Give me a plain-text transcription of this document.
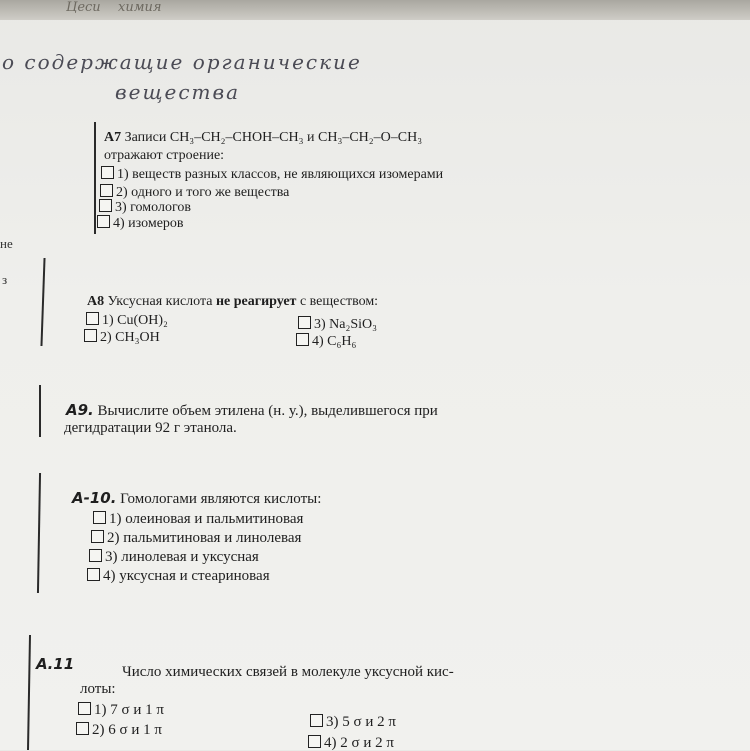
Цеси химия
о содержащие органические
вещества
не
з
А7 Записи CH₃–CH₂–CHOH–CH₃ и CH₃–CH₂–O–CH₃
отражают строение:
1) веществ разных классов, не являющихся изомерами
2) одного и того же вещества
3) гомологов
4) изомеров
А8 Уксусная кислота не реагирует с веществом:
1) Cu(OH)₂
2) CH₃OH
3) Na₂SiO₃
4) C₆H₆
А9. Вычислите объем этилена (н. у.), выделившегося при
дегидратации 92 г этанола.
А-10. Гомологами являются кислоты:
1) олеиновая и пальмитиновая
2) пальмитиновая и линолевая
3) линолевая и уксусная
4) уксусная и стеариновая
А.11	Число химических связей в молекуле уксусной кис-
лоты:
1) 7 σ и 1 π
2) 6 σ и 1 π	3) 5 σ и 2 π
4) 2 σ и 2 π
